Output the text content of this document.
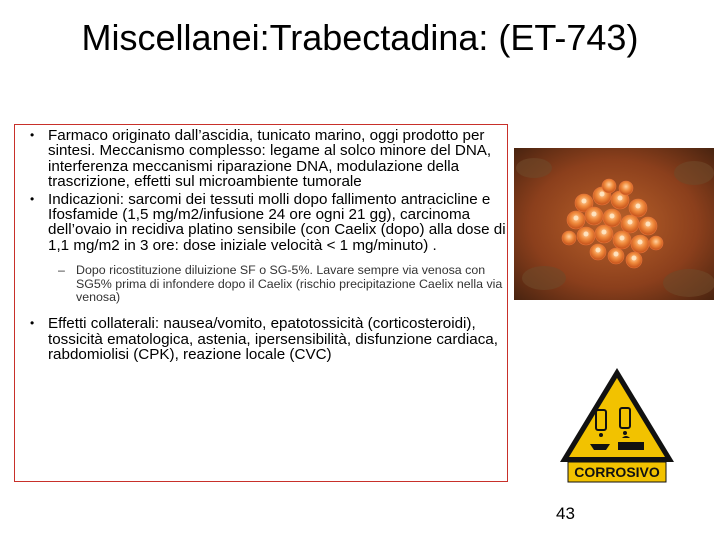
Miscellanei:Trabectadina: (ET-743)
• Farmaco originato dall’ascidia, tunicato marino, oggi prodotto per sintesi. Meccanismo complesso: legame al solco minore del DNA, interferenza meccanismi riparazione DNA, modulazione della trascrizione, effetti sul microambiente tumorale
• Indicazioni: sarcomi dei tessuti molli dopo fallimento antracicline e Ifosfamide (1,5 mg/m2/infusione 24 ore ogni 21 gg), carcinoma dell’ovaio in recidiva platino sensibile (con Caelix (dopo) alla dose di 1,1 mg/m2 in 3 ore: dose iniziale velocità < 1 mg/minuto) .
– Dopo ricostituzione diluizione SF o SG-5%. Lavare sempre via venosa con SG5% prima di infondere dopo il Caelix (rischio precipitazione Caelix nella via venosa)
• Effetti collaterali: nausea/vomito, epatotossicità (corticosteroidi), tossicità ematologica, astenia, ipersensibilità, disfunzione cardiaca, rabdomiolisi (CPK), reazione locale (CVC)
CORROSIVO
43
